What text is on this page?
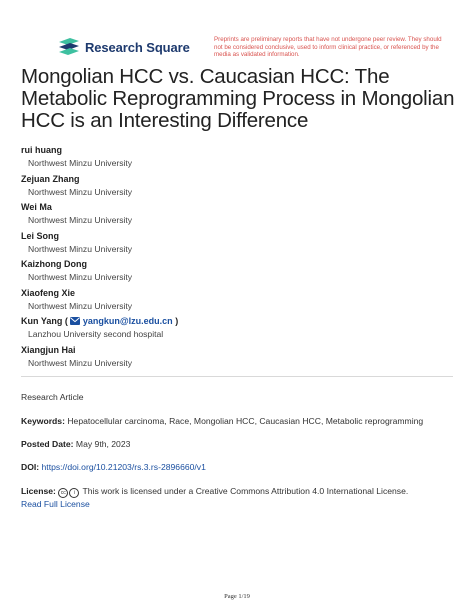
Research Square	Preprints are preliminary reports that have not undergone peer review. They should not be considered conclusive, used to inform clinical practice, or referenced by the media as validated information.
Mongolian HCC vs. Caucasian HCC: The Metabolic Reprogramming Process in Mongolian HCC is an Interesting Difference
rui huang
Northwest Minzu University
Zejuan Zhang
Northwest Minzu University
Wei Ma
Northwest Minzu University
Lei Song
Northwest Minzu University
Kaizhong Dong
Northwest Minzu University
Xiaofeng Xie
Northwest Minzu University
Kun Yang ( yangkun@lzu.edu.cn )
Lanzhou University second hospital
Xiangjun Hai
Northwest Minzu University
Research Article
Keywords: Hepatocellular carcinoma, Race, Mongolian HCC, Caucasian HCC, Metabolic reprogramming
Posted Date: May 9th, 2023
DOI: https://doi.org/10.21203/rs.3.rs-2896660/v1
License: cc i This work is licensed under a Creative Commons Attribution 4.0 International License.
Read Full License
Page 1/19
